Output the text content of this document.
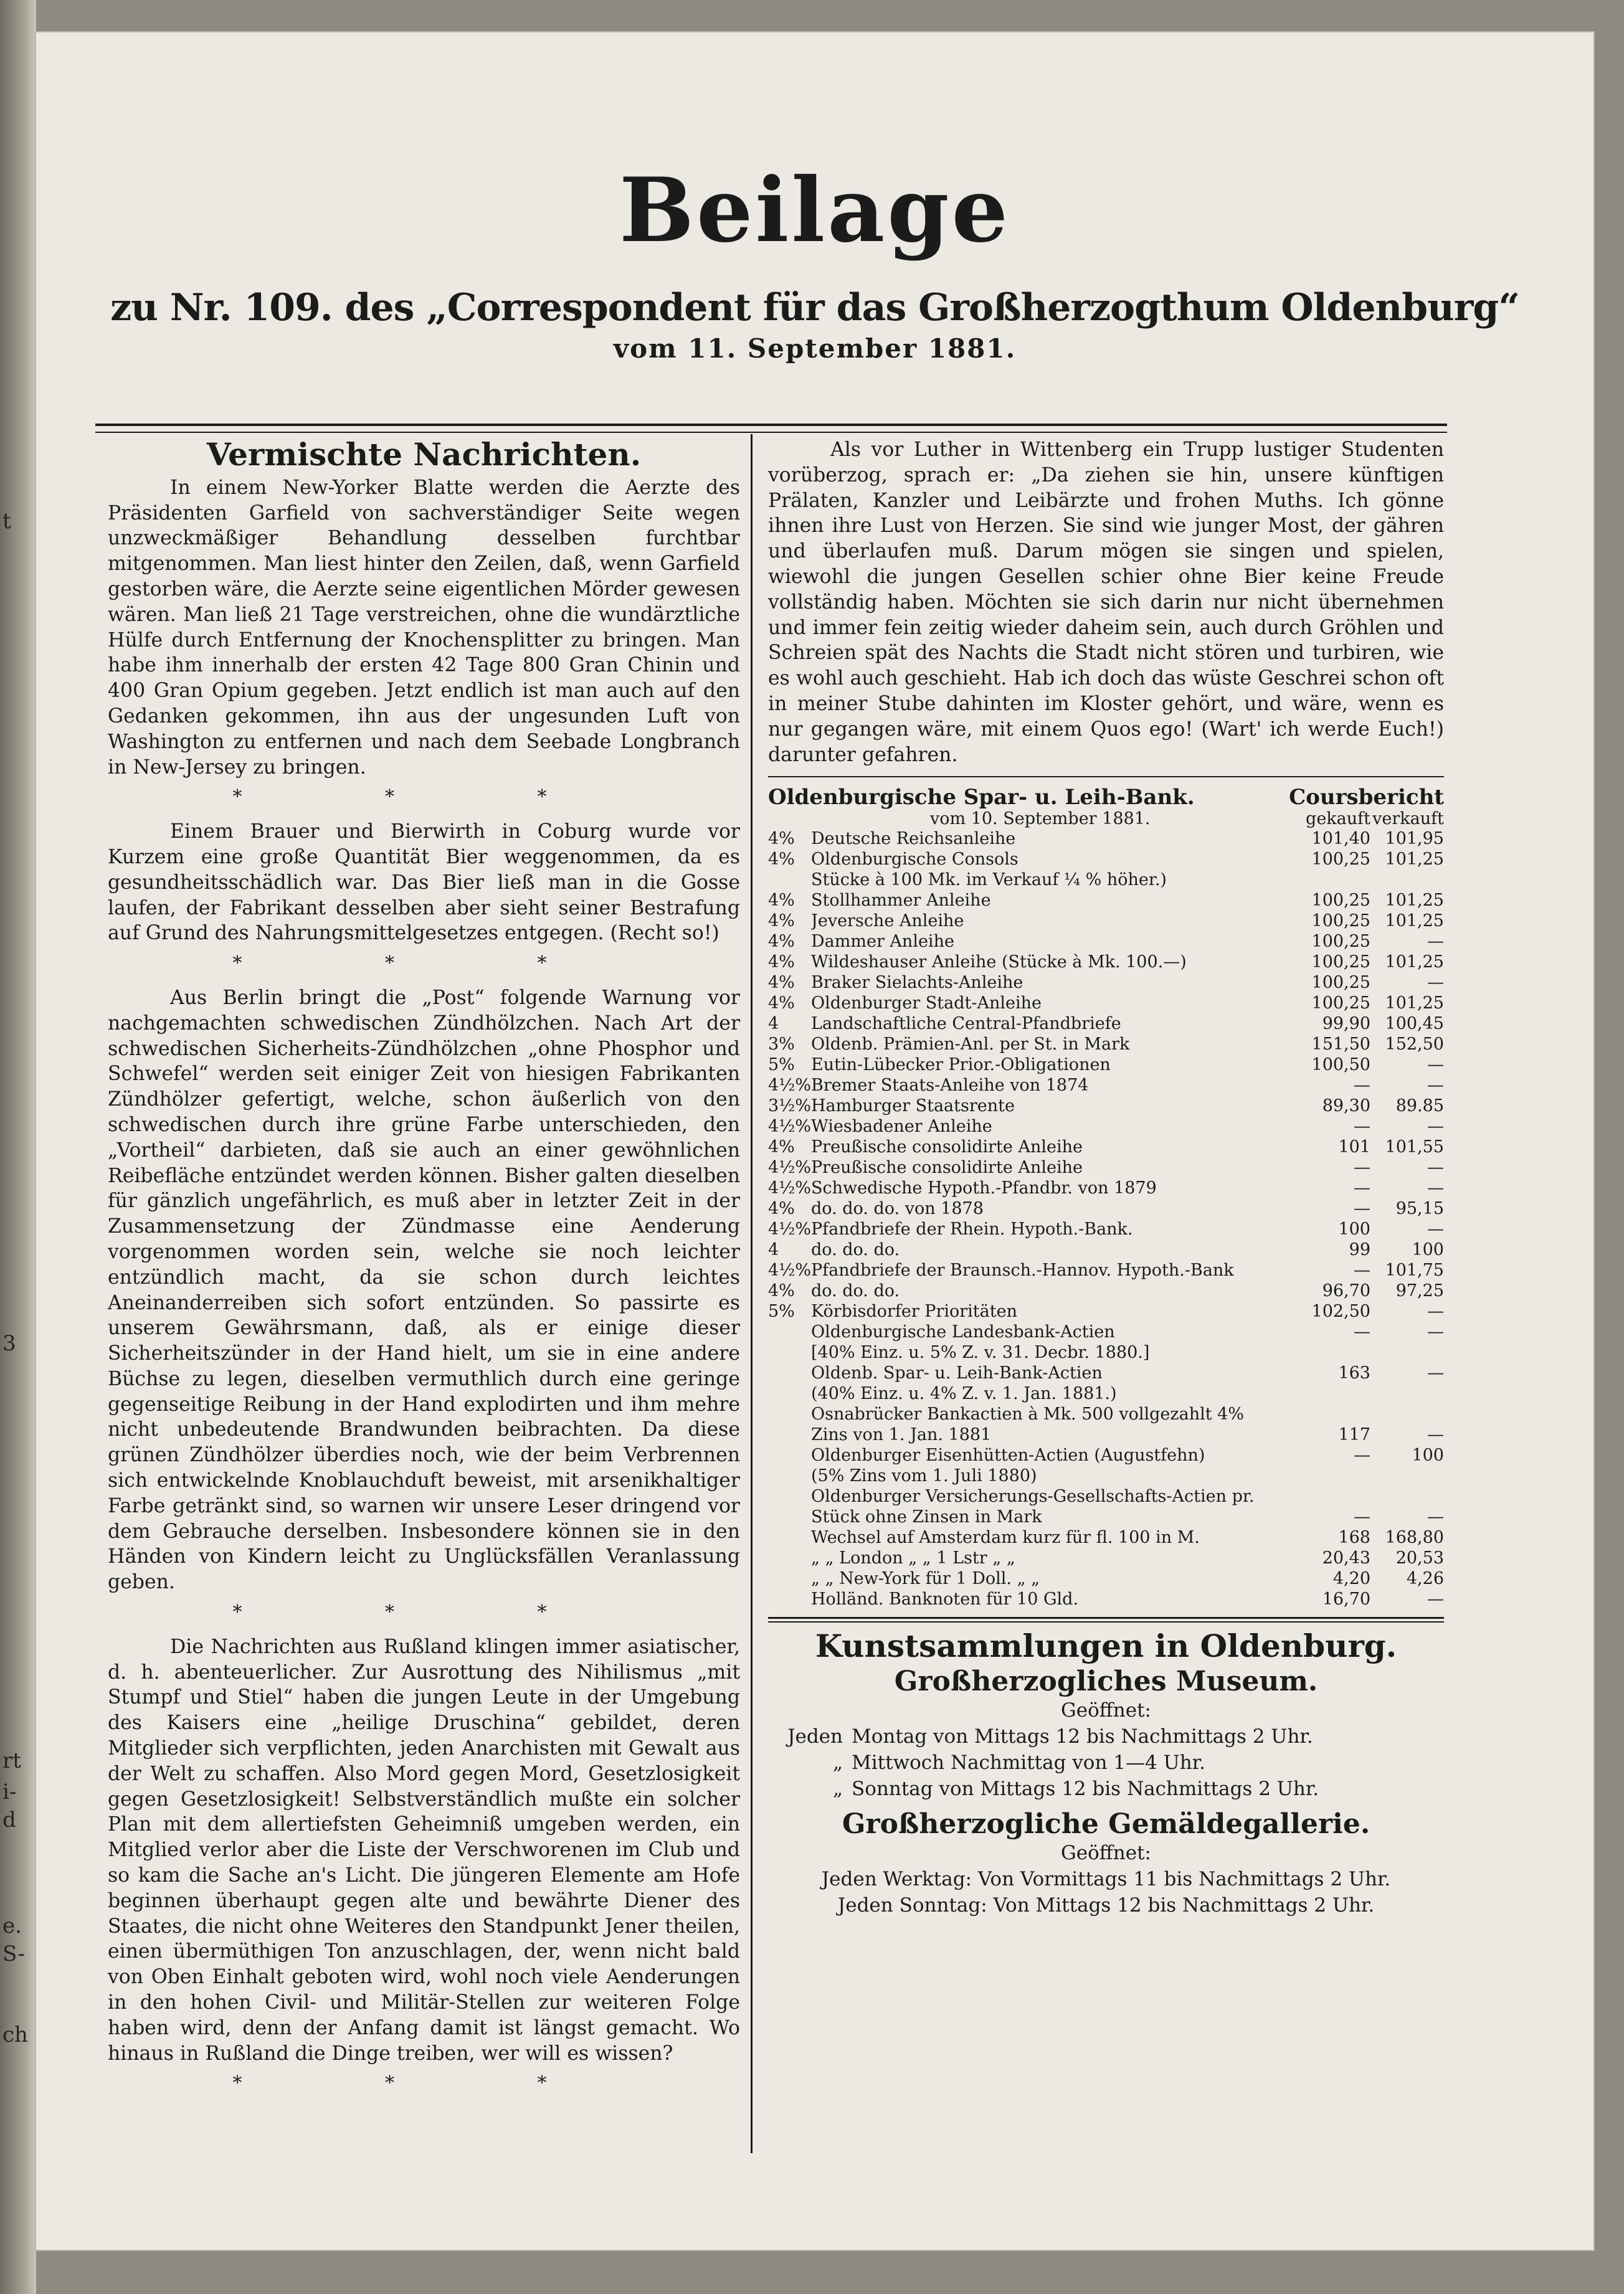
t
3
rt
i-
d
e.
S-
ch
Beilage
zu Nr. 109. des „Correspondent für das Großherzogthum Oldenburg“
vom 11. September 1881.
Vermischte Nachrichten.

In einem New-Yorker Blatte werden die Aerzte des Präsidenten Garfield von sachverständiger Seite wegen unzweckmäßiger Behandlung desselben furchtbar mitgenommen. Man liest hinter den Zeilen, daß, wenn Garfield gestorben wäre, die Aerzte seine eigentlichen Mörder gewesen wären. Man ließ 21 Tage verstreichen, ohne die wundärztliche Hülfe durch Entfernung der Knochensplitter zu bringen. Man habe ihm innerhalb der ersten 42 Tage 800 Gran Chinin und 400 Gran Opium gegeben. Jetzt endlich ist man auch auf den Gedanken gekommen, ihn aus der ungesunden Luft von Washington zu entfernen und nach dem Seebade Longbranch in New-Jersey zu bringen.

* * *

Einem Brauer und Bierwirth in Coburg wurde vor Kurzem eine große Quantität Bier weggenommen, da es gesundheitsschädlich war. Das Bier ließ man in die Gosse laufen, der Fabrikant desselben aber sieht seiner Bestrafung auf Grund des Nahrungsmittelgesetzes entgegen. (Recht so!)

* * *

Aus Berlin bringt die „Post“ folgende Warnung vor nachgemachten schwedischen Zündhölzchen. Nach Art der schwedischen Sicherheits-Zündhölzchen „ohne Phosphor und Schwefel“ werden seit einiger Zeit von hiesigen Fabrikanten Zündhölzer gefertigt, welche, schon äußerlich von den schwedischen durch ihre grüne Farbe unterschieden, den „Vortheil“ darbieten, daß sie auch an einer gewöhnlichen Reibefläche entzündet werden können. Bisher galten dieselben für gänzlich ungefährlich, es muß aber in letzter Zeit in der Zusammensetzung der Zündmasse eine Aenderung vorgenommen worden sein, welche sie noch leichter entzündlich macht, da sie schon durch leichtes Aneinanderreiben sich sofort entzünden. So passirte es unserem Gewährsmann, daß, als er einige dieser Sicherheitszünder in der Hand hielt, um sie in eine andere Büchse zu legen, dieselben vermuthlich durch eine geringe gegenseitige Reibung in der Hand explodirten und ihm mehre nicht unbedeutende Brandwunden beibrachten. Da diese grünen Zündhölzer überdies noch, wie der beim Verbrennen sich entwickelnde Knoblauchduft beweist, mit arsenikhaltiger Farbe getränkt sind, so warnen wir unsere Leser dringend vor dem Gebrauche derselben. Insbesondere können sie in den Händen von Kindern leicht zu Unglücksfällen Veranlassung geben.

* * *

Die Nachrichten aus Rußland klingen immer asiatischer, d. h. abenteuerlicher. Zur Ausrottung des Nihilismus „mit Stumpf und Stiel“ haben die jungen Leute in der Umgebung des Kaisers eine „heilige Druschina“ gebildet, deren Mitglieder sich verpflichten, jeden Anarchisten mit Gewalt aus der Welt zu schaffen. Also Mord gegen Mord, Gesetzlosigkeit gegen Gesetzlosigkeit! Selbstverständlich mußte ein solcher Plan mit dem allertiefsten Geheimniß umgeben werden, ein Mitglied verlor aber die Liste der Verschworenen im Club und so kam die Sache an's Licht. Die jüngeren Elemente am Hofe beginnen überhaupt gegen alte und bewährte Diener des Staates, die nicht ohne Weiteres den Standpunkt Jener theilen, einen übermüthigen Ton anzuschlagen, der, wenn nicht bald von Oben Einhalt geboten wird, wohl noch viele Aenderungen in den hohen Civil- und Militär-Stellen zur weiteren Folge haben wird, denn der Anfang damit ist längst gemacht. Wo hinaus in Rußland die Dinge treiben, wer will es wissen?

* * *

Als vor Luther in Wittenberg ein Trupp lustiger Studenten vorüberzog, sprach er: „Da ziehen sie hin, unsere künftigen Prälaten, Kanzler und Leibärzte und frohen Muths. Ich gönne ihnen ihre Lust von Herzen. Sie sind wie junger Most, der gähren und überlaufen muß. Darum mögen sie singen und spielen, wiewohl die jungen Gesellen schier ohne Bier keine Freude vollständig haben. Möchten sie sich darin nur nicht übernehmen und immer fein zeitig wieder daheim sein, auch durch Gröhlen und Schreien spät des Nachts die Stadt nicht stören und turbiren, wie es wohl auch geschieht. Hab ich doch das wüste Geschrei schon oft in meiner Stube dahinten im Kloster gehört, und wäre, wenn es nur gegangen wäre, mit einem Quos ego! (Wart' ich werde Euch!) darunter gefahren.

Oldenburgische Spar- u. Leih-Bank.	Coursbericht
vom 10. September 1881.	gekauft verkauft
4%	Deutsche Reichsanleihe	101,40	101,95
4%	Oldenburgische Consols	100,25	101,25
	Stücke à 100 Mk. im Verkauf ¼ % höher.)		
4%	Stollhammer Anleihe	100,25	101,25
4%	Jeversche Anleihe	100,25	101,25
4%	Dammer Anleihe	100,25	—
4%	Wildeshauser Anleihe (Stücke à Mk. 100.—)	100,25	101,25
4%	Braker Sielachts-Anleihe	100,25	—
4%	Oldenburger Stadt-Anleihe	100,25	101,25
4	Landschaftliche Central-Pfandbriefe	99,90	100,45
3%	Oldenb. Prämien-Anl. per St. in Mark	151,50	152,50
5%	Eutin-Lübecker Prior.-Obligationen	100,50	—
4½%	Bremer Staats-Anleihe von 1874	—	—
3½%	Hamburger Staatsrente	89,30	89.85
4½%	Wiesbadener Anleihe	—	—
4%	Preußische consolidirte Anleihe	101	101,55
4½%	Preußische consolidirte Anleihe	—	—
4½%	Schwedische Hypoth.-Pfandbr. von 1879	—	—
4%	do. do. do. von 1878	—	95,15
4½%	Pfandbriefe der Rhein. Hypoth.-Bank.	100	—
4	do. do. do.	99	100
4½%	Pfandbriefe der Braunsch.-Hannov. Hypoth.-Bank	—	101,75
4%	do. do. do.	96,70	97,25
5%	Körbisdorfer Prioritäten	102,50	—
	Oldenburgische Landesbank-Actien	—	—
	[40% Einz. u. 5% Z. v. 31. Decbr. 1880.]		
	Oldenb. Spar- u. Leih-Bank-Actien	163	—
	(40% Einz. u. 4% Z. v. 1. Jan. 1881.)		
	Osnabrücker Bankactien à Mk. 500 vollgezahlt 4%		
	Zins von 1. Jan. 1881	117	—
	Oldenburger Eisenhütten-Actien (Augustfehn)	—	100
	(5% Zins vom 1. Juli 1880)		
	Oldenburger Versicherungs-Gesellschafts-Actien pr.		
	Stück ohne Zinsen in Mark	—	—
	Wechsel auf Amsterdam kurz für fl. 100 in M.	168	168,80
	„ „ London „ „ 1 Lstr „ „	20,43	20,53
	„ „ New-York für 1 Doll. „ „	4,20	4,26
	Holländ. Banknoten für 10 Gld.	16,70	—
Kunstsammlungen in Oldenburg.
Großherzogliches Museum.
Geöffnet:
Jeden Montag von Mittags 12 bis Nachmittags 2 Uhr.
„ Mittwoch Nachmittag von 1—4 Uhr.
„ Sonntag von Mittags 12 bis Nachmittags 2 Uhr.
Großherzogliche Gemäldegallerie.
Geöffnet:
Jeden Werktag: Von Vormittags 11 bis Nachmittags 2 Uhr.
Jeden Sonntag: Von Mittags 12 bis Nachmittags 2 Uhr.
